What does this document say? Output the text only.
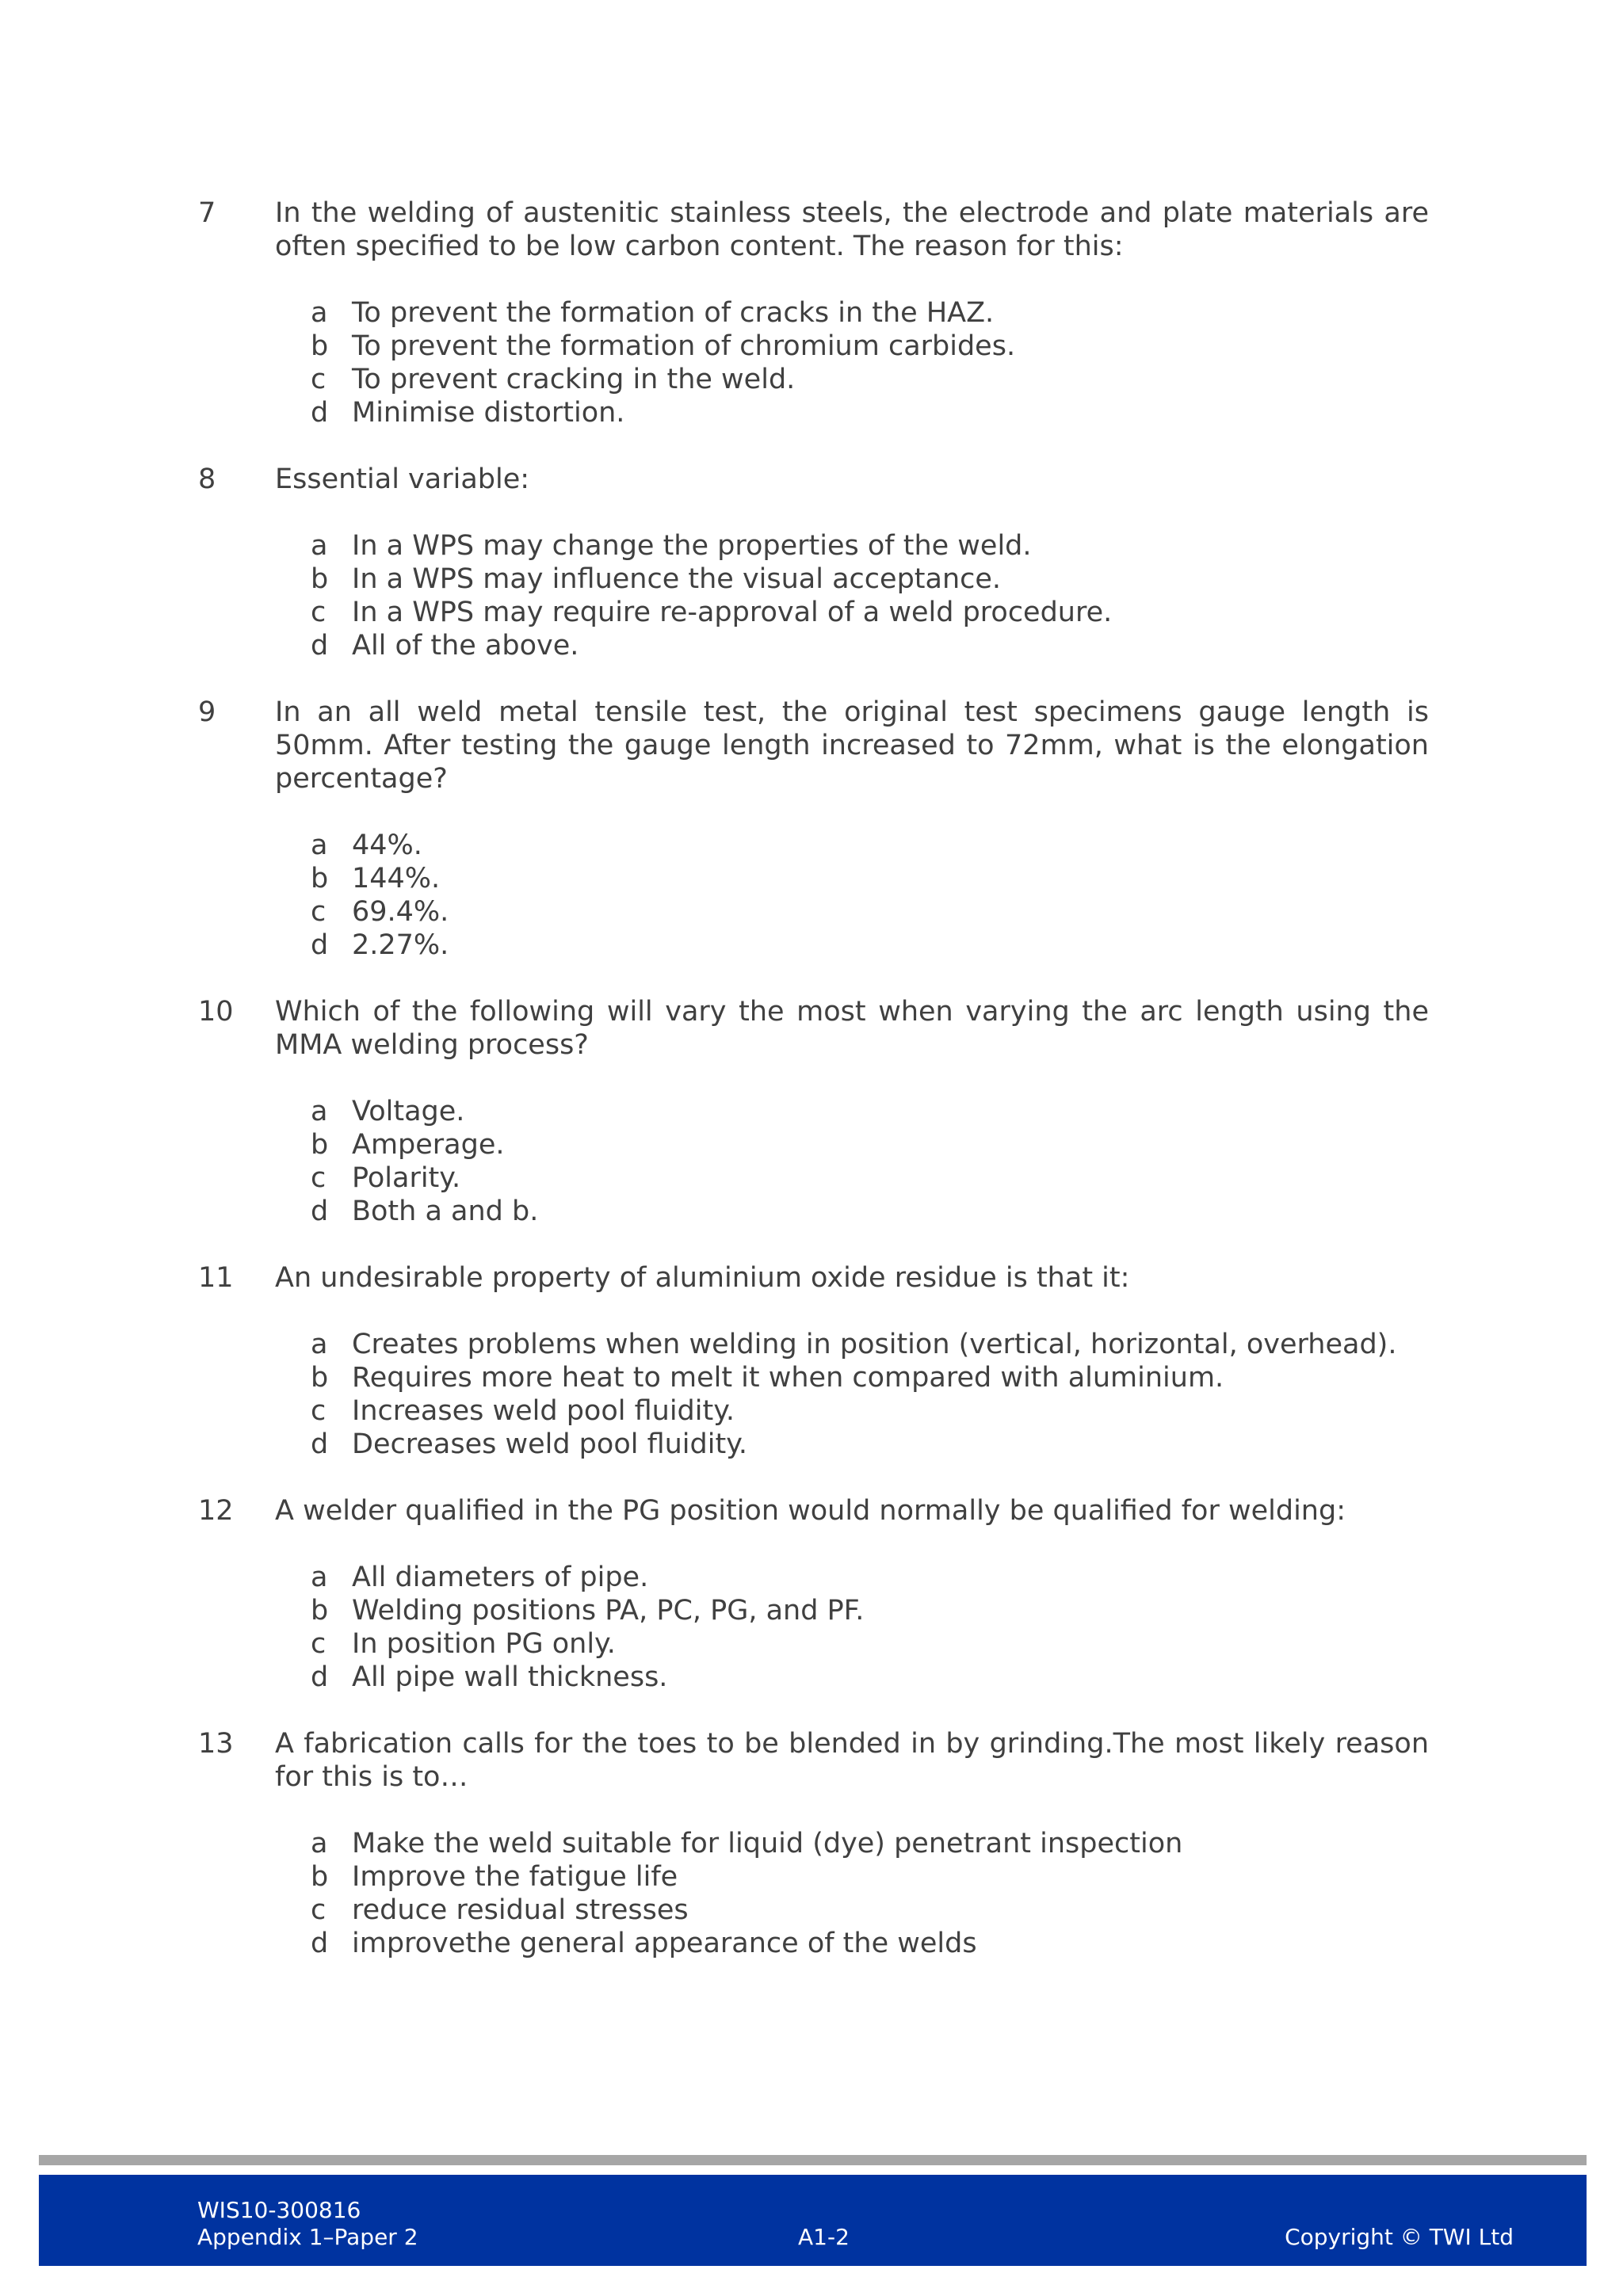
7 In the welding of austenitic stainless steels, the electrode and plate materials are often specified to be low carbon content. The reason for this:
a To prevent the formation of cracks in the HAZ.
b To prevent the formation of chromium carbides.
c To prevent cracking in the weld.
d Minimise distortion.
8 Essential variable:
a In a WPS may change the properties of the weld.
b In a WPS may influence the visual acceptance.
c In a WPS may require re-approval of a weld procedure.
d All of the above.
9 In an all weld metal tensile test, the original test specimens gauge length is 50mm. After testing the gauge length increased to 72mm, what is the elongation percentage?
a 44%.
b 144%.
c 69.4%.
d 2.27%.
10 Which of the following will vary the most when varying the arc length using the MMA welding process?
a Voltage.
b Amperage.
c Polarity.
d Both a and b.
11 An undesirable property of aluminium oxide residue is that it:
a Creates problems when welding in position (vertical, horizontal, overhead).
b Requires more heat to melt it when compared with aluminium.
c Increases weld pool fluidity.
d Decreases weld pool fluidity.
12 A welder qualified in the PG position would normally be qualified for welding:
a All diameters of pipe.
b Welding positions PA, PC, PG, and PF.
c In position PG only.
d All pipe wall thickness.
13 A fabrication calls for the toes to be blended in by grinding.The most likely reason for this is to…
a Make the weld suitable for liquid (dye) penetrant inspection
b Improve the fatigue life
c reduce residual stresses
d improvethe general appearance of the welds
WIS10-300816
Appendix 1–Paper 2	A1-2	Copyright © TWI Ltd
